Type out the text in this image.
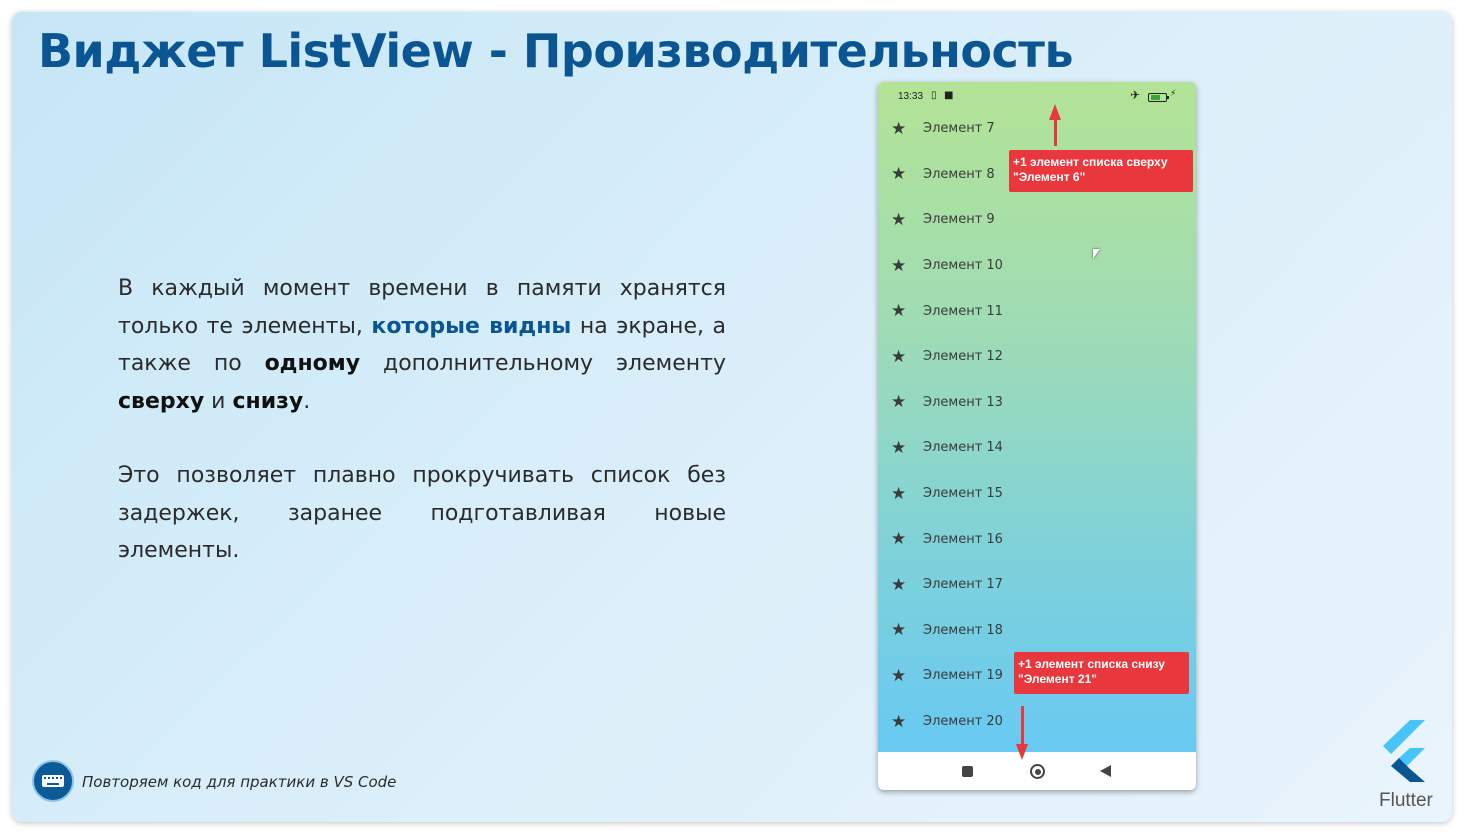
Виджет ListView - Производительность

В каждый момент времени в памяти хранятся только те элементы, которые видны на экране, а также по одному дополнительному элементу сверху и снизу.

Это позволяет плавно прокручивать список без задержек, заранее подготавливая новые элементы.

Повторяем код для практики в VS Code
Flutter
13:33 ▯ ■	✈	⚡
★ Элемент 7
★ Элемент 8
★ Элемент 9
★ Элемент 10
★ Элемент 11
★ Элемент 12
★ Элемент 13
★ Элемент 14
★ Элемент 15
★ Элемент 16
★ Элемент 17
★ Элемент 18
★ Элемент 19
★ Элемент 20
+1 элемент списка сверху
"Элемент 6"
+1 элемент списка снизу
"Элемент 21"
